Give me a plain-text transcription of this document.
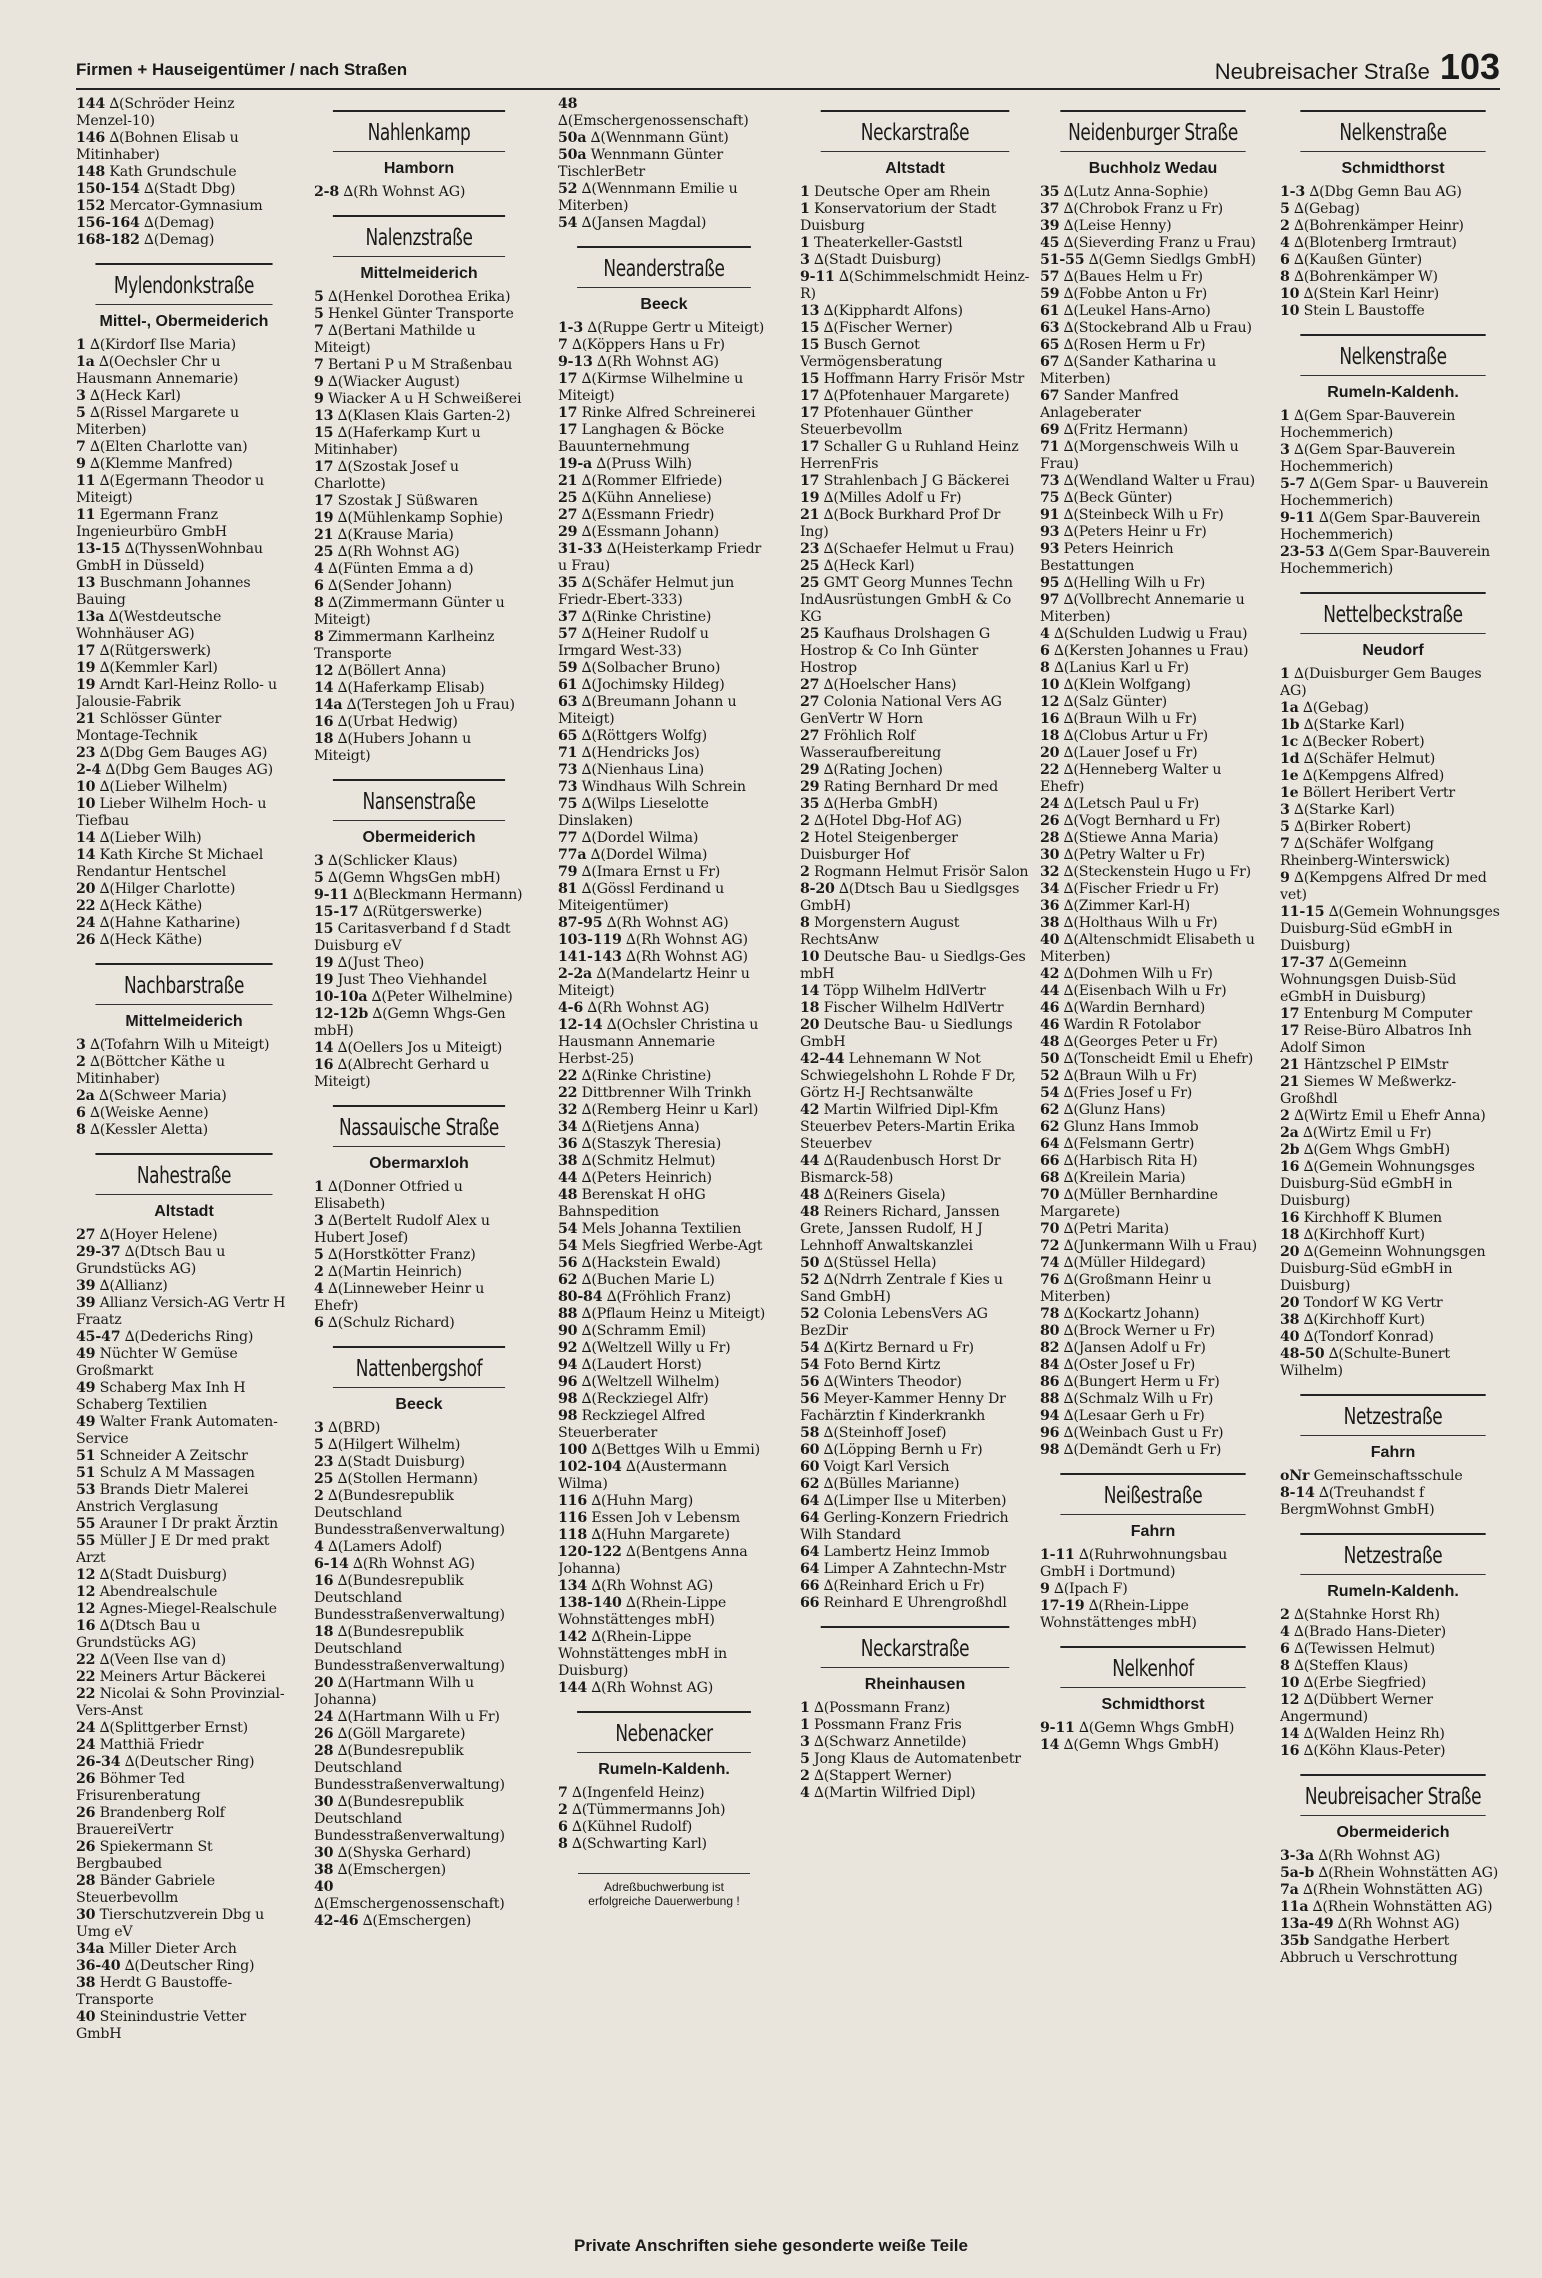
Firmen + Hauseigentümer / nach Straßen	Neubreisacher Straße 103
144 ∆(Schröder Heinz Menzel-10)
146 ∆(Bohnen Elisab u Mitinhaber)
148 Kath Grundschule
150-154 ∆(Stadt Dbg)
152 Mercator-Gymnasium
156-164 ∆(Demag)
168-182 ∆(Demag)
Mylendonkstraße
Mittel-, Obermeiderich
1 ∆(Kirdorf Ilse Maria)
1a ∆(Oechsler Chr u Hausmann Annemarie)
3 ∆(Heck Karl)
5 ∆(Rissel Margarete u Miterben)
7 ∆(Elten Charlotte van)
9 ∆(Klemme Manfred)
11 ∆(Egermann Theodor u Miteigt)
11 Egermann Franz Ingenieurbüro GmbH
13-15 ∆(ThyssenWohnbau GmbH in Düsseld)
13 Buschmann Johannes Bauing
13a ∆(Westdeutsche Wohnhäuser AG)
17 ∆(Rütgerswerk)
19 ∆(Kemmler Karl)
19 Arndt Karl-Heinz Rollo- u Jalousie-Fabrik
21 Schlösser Günter Montage-Technik
23 ∆(Dbg Gem Bauges AG)
2-4 ∆(Dbg Gem Bauges AG)
10 ∆(Lieber Wilhelm)
10 Lieber Wilhelm Hoch- u Tiefbau
14 ∆(Lieber Wilh)
14 Kath Kirche St Michael Rendantur Hentschel
20 ∆(Hilger Charlotte)
22 ∆(Heck Käthe)
24 ∆(Hahne Katharine)
26 ∆(Heck Käthe)
Nachbarstraße
Mittelmeiderich
3 ∆(Tofahrn Wilh u Miteigt)
2 ∆(Böttcher Käthe u Mitinhaber)
2a ∆(Schweer Maria)
6 ∆(Weiske Aenne)
8 ∆(Kessler Aletta)
Nahestraße
Altstadt
27 ∆(Hoyer Helene)
29-37 ∆(Dtsch Bau u Grundstücks AG)
39 ∆(Allianz)
39 Allianz Versich-AG Vertr H Fraatz
45-47 ∆(Dederichs Ring)
49 Nüchter W Gemüse Großmarkt
49 Schaberg Max Inh H Schaberg Textilien
49 Walter Frank Automaten-Service
51 Schneider A Zeitschr
51 Schulz A M Massagen
53 Brands Dietr Malerei Anstrich Verglasung
55 Arauner I Dr prakt Ärztin
55 Müller J E Dr med prakt Arzt
12 ∆(Stadt Duisburg)
12 Abendrealschule
12 Agnes-Miegel-Realschule
16 ∆(Dtsch Bau u Grundstücks AG)
22 ∆(Veen Ilse van d)
22 Meiners Artur Bäckerei
22 Nicolai & Sohn Provinzial-Vers-Anst
24 ∆(Splittgerber Ernst)
24 Matthiä Friedr
26-34 ∆(Deutscher Ring)
26 Böhmer Ted Frisurenberatung
26 Brandenberg Rolf BrauereiVertr
26 Spiekermann St Bergbaubed
28 Bänder Gabriele Steuerbevollm
30 Tierschutzverein Dbg u Umg eV
34a Miller Dieter Arch
36-40 ∆(Deutscher Ring)
38 Herdt G Baustoffe-Transporte
40 Steinindustrie Vetter GmbH
Nahlenkamp
Hamborn
2-8 ∆(Rh Wohnst AG)
Nalenzstraße
Mittelmeiderich
5 ∆(Henkel Dorothea Erika)
5 Henkel Günter Transporte
7 ∆(Bertani Mathilde u Miteigt)
7 Bertani P u M Straßenbau
9 ∆(Wiacker August)
9 Wiacker A u H Schweißerei
13 ∆(Klasen Klais Garten-2)
15 ∆(Haferkamp Kurt u Mitinhaber)
17 ∆(Szostak Josef u Charlotte)
17 Szostak J Süßwaren
19 ∆(Mühlenkamp Sophie)
21 ∆(Krause Maria)
25 ∆(Rh Wohnst AG)
4 ∆(Fünten Emma a d)
6 ∆(Sender Johann)
8 ∆(Zimmermann Günter u Miteigt)
8 Zimmermann Karlheinz Transporte
12 ∆(Böllert Anna)
14 ∆(Haferkamp Elisab)
14a ∆(Terstegen Joh u Frau)
16 ∆(Urbat Hedwig)
18 ∆(Hubers Johann u Miteigt)
Nansenstraße
Obermeiderich
3 ∆(Schlicker Klaus)
5 ∆(Gemn WhgsGen mbH)
9-11 ∆(Bleckmann Hermann)
15-17 ∆(Rütgerswerke)
15 Caritasverband f d Stadt Duisburg eV
19 ∆(Just Theo)
19 Just Theo Viehhandel
10-10a ∆(Peter Wilhelmine)
12-12b ∆(Gemn Whgs-Gen mbH)
14 ∆(Oellers Jos u Miteigt)
16 ∆(Albrecht Gerhard u Miteigt)
Nassauische Straße
Obermarxloh
1 ∆(Donner Otfried u Elisabeth)
3 ∆(Bertelt Rudolf Alex u Hubert Josef)
5 ∆(Horstkötter Franz)
2 ∆(Martin Heinrich)
4 ∆(Linneweber Heinr u Ehefr)
6 ∆(Schulz Richard)
Nattenbergshof
Beeck
3 ∆(BRD)
5 ∆(Hilgert Wilhelm)
23 ∆(Stadt Duisburg)
25 ∆(Stollen Hermann)
2 ∆(Bundesrepublik Deutschland Bundesstraßenverwaltung)
4 ∆(Lamers Adolf)
6-14 ∆(Rh Wohnst AG)
16 ∆(Bundesrepublik Deutschland Bundesstraßenverwaltung)
18 ∆(Bundesrepublik Deutschland Bundesstraßenverwaltung)
20 ∆(Hartmann Wilh u Johanna)
24 ∆(Hartmann Wilh u Fr)
26 ∆(Göll Margarete)
28 ∆(Bundesrepublik Deutschland Bundesstraßenverwaltung)
30 ∆(Bundesrepublik Deutschland Bundesstraßenverwaltung)
30 ∆(Shyska Gerhard)
38 ∆(Emschergen)
40 ∆(Emschergenossenschaft)
42-46 ∆(Emschergen)
48 ∆(Emschergenossenschaft)
50a ∆(Wennmann Günt)
50a Wennmann Günter TischlerBetr
52 ∆(Wennmann Emilie u Miterben)
54 ∆(Jansen Magdal)
Neanderstraße
Beeck
1-3 ∆(Ruppe Gertr u Miteigt)
7 ∆(Köppers Hans u Fr)
9-13 ∆(Rh Wohnst AG)
17 ∆(Kirmse Wilhelmine u Miteigt)
17 Rinke Alfred Schreinerei
17 Langhagen & Böcke Bauunternehmung
19-a ∆(Pruss Wilh)
21 ∆(Rommer Elfriede)
25 ∆(Kühn Anneliese)
27 ∆(Essmann Friedr)
29 ∆(Essmann Johann)
31-33 ∆(Heisterkamp Friedr u Frau)
35 ∆(Schäfer Helmut jun Friedr-Ebert-333)
37 ∆(Rinke Christine)
57 ∆(Heiner Rudolf u Irmgard West-33)
59 ∆(Solbacher Bruno)
61 ∆(Jochimsky Hildeg)
63 ∆(Breumann Johann u Miteigt)
65 ∆(Röttgers Wolfg)
71 ∆(Hendricks Jos)
73 ∆(Nienhaus Lina)
73 Windhaus Wilh Schrein
75 ∆(Wilps Lieselotte Dinslaken)
77 ∆(Dordel Wilma)
77a ∆(Dordel Wilma)
79 ∆(Imara Ernst u Fr)
81 ∆(Gössl Ferdinand u Miteigentümer)
87-95 ∆(Rh Wohnst AG)
103-119 ∆(Rh Wohnst AG)
141-143 ∆(Rh Wohnst AG)
2-2a ∆(Mandelartz Heinr u Miteigt)
4-6 ∆(Rh Wohnst AG)
12-14 ∆(Ochsler Christina u Hausmann Annemarie Herbst-25)
22 ∆(Rinke Christine)
22 Dittbrenner Wilh Trinkh
32 ∆(Remberg Heinr u Karl)
34 ∆(Rietjens Anna)
36 ∆(Staszyk Theresia)
38 ∆(Schmitz Helmut)
44 ∆(Peters Heinrich)
48 Berenskat H oHG Bahnspedition
54 Mels Johanna Textilien
54 Mels Siegfried Werbe-Agt
56 ∆(Hackstein Ewald)
62 ∆(Buchen Marie L)
80-84 ∆(Fröhlich Franz)
88 ∆(Pflaum Heinz u Miteigt)
90 ∆(Schramm Emil)
92 ∆(Weltzell Willy u Fr)
94 ∆(Laudert Horst)
96 ∆(Weltzell Wilhelm)
98 ∆(Reckziegel Alfr)
98 Reckziegel Alfred Steuerberater
100 ∆(Bettges Wilh u Emmi)
102-104 ∆(Austermann Wilma)
116 ∆(Huhn Marg)
116 Essen Joh v Lebensm
118 ∆(Huhn Margarete)
120-122 ∆(Bentgens Anna Johanna)
134 ∆(Rh Wohnst AG)
138-140 ∆(Rhein-Lippe Wohnstättenges mbH)
142 ∆(Rhein-Lippe Wohnstättenges mbH in Duisburg)
144 ∆(Rh Wohnst AG)
Nebenacker
Rumeln-Kaldenh.
7 ∆(Ingenfeld Heinz)
2 ∆(Tümmermanns Joh)
6 ∆(Kühnel Rudolf)
8 ∆(Schwarting Karl)
Adreßbuchwerbung ist erfolgreiche Dauerwerbung !
Neckarstraße
Altstadt
1 Deutsche Oper am Rhein
1 Konservatorium der Stadt Duisburg
1 Theaterkeller-Gaststl
3 ∆(Stadt Duisburg)
9-11 ∆(Schimmelschmidt Heinz-R)
13 ∆(Kipphardt Alfons)
15 ∆(Fischer Werner)
15 Busch Gernot Vermögensberatung
15 Hoffmann Harry Frisör Mstr
17 ∆(Pfotenhauer Margarete)
17 Pfotenhauer Günther Steuerbevollm
17 Schaller G u Ruhland Heinz HerrenFris
17 Strahlenbach J G Bäckerei
19 ∆(Milles Adolf u Fr)
21 ∆(Bock Burkhard Prof Dr Ing)
23 ∆(Schaefer Helmut u Frau)
25 ∆(Heck Karl)
25 GMT Georg Munnes Techn IndAusrüstungen GmbH & Co KG
25 Kaufhaus Drolshagen G Hostrop & Co Inh Günter Hostrop
27 ∆(Hoelscher Hans)
27 Colonia National Vers AG GenVertr W Horn
27 Fröhlich Rolf Wasseraufbereitung
29 ∆(Rating Jochen)
29 Rating Bernhard Dr med
35 ∆(Herba GmbH)
2 ∆(Hotel Dbg-Hof AG)
2 Hotel Steigenberger Duisburger Hof
2 Rogmann Helmut Frisör Salon
8-20 ∆(Dtsch Bau u Siedlgsges GmbH)
8 Morgenstern August RechtsAnw
10 Deutsche Bau- u Siedlgs-Ges mbH
14 Töpp Wilhelm HdlVertr
18 Fischer Wilhelm HdlVertr
20 Deutsche Bau- u Siedlungs GmbH
42-44 Lehnemann W Not Schwiegelshohn L Rohde F Dr, Görtz H-J Rechtsanwälte
42 Martin Wilfried Dipl-Kfm Steuerbev Peters-Martin Erika Steuerbev
44 ∆(Raudenbusch Horst Dr Bismarck-58)
48 ∆(Reiners Gisela)
48 Reiners Richard, Janssen Grete, Janssen Rudolf, H J Lehnhoff Anwaltskanzlei
50 ∆(Stüssel Hella)
52 ∆(Ndrrh Zentrale f Kies u Sand GmbH)
52 Colonia LebensVers AG BezDir
54 ∆(Kirtz Bernard u Fr)
54 Foto Bernd Kirtz
56 ∆(Winters Theodor)
56 Meyer-Kammer Henny Dr Fachärztin f Kinderkrankh
58 ∆(Steinhoff Josef)
60 ∆(Löpping Bernh u Fr)
60 Voigt Karl Versich
62 ∆(Bülles Marianne)
64 ∆(Limper Ilse u Miterben)
64 Gerling-Konzern Friedrich Wilh Standard
64 Lambertz Heinz Immob
64 Limper A Zahntechn-Mstr
66 ∆(Reinhard Erich u Fr)
66 Reinhard E Uhrengroßhdl
Neckarstraße
Rheinhausen
1 ∆(Possmann Franz)
1 Possmann Franz Fris
3 ∆(Schwarz Annetilde)
5 Jong Klaus de Automatenbetr
2 ∆(Stappert Werner)
4 ∆(Martin Wilfried Dipl)
Neidenburger Straße
Buchholz Wedau
35 ∆(Lutz Anna-Sophie)
37 ∆(Chrobok Franz u Fr)
39 ∆(Leise Henny)
45 ∆(Sieverding Franz u Frau)
51-55 ∆(Gemn Siedlgs GmbH)
57 ∆(Baues Helm u Fr)
59 ∆(Fobbe Anton u Fr)
61 ∆(Leukel Hans-Arno)
63 ∆(Stockebrand Alb u Frau)
65 ∆(Rosen Herm u Fr)
67 ∆(Sander Katharina u Miterben)
67 Sander Manfred Anlageberater
69 ∆(Fritz Hermann)
71 ∆(Morgenschweis Wilh u Frau)
73 ∆(Wendland Walter u Frau)
75 ∆(Beck Günter)
91 ∆(Steinbeck Wilh u Fr)
93 ∆(Peters Heinr u Fr)
93 Peters Heinrich Bestattungen
95 ∆(Helling Wilh u Fr)
97 ∆(Vollbrecht Annemarie u Miterben)
4 ∆(Schulden Ludwig u Frau)
6 ∆(Kersten Johannes u Frau)
8 ∆(Lanius Karl u Fr)
10 ∆(Klein Wolfgang)
12 ∆(Salz Günter)
16 ∆(Braun Wilh u Fr)
18 ∆(Clobus Artur u Fr)
20 ∆(Lauer Josef u Fr)
22 ∆(Henneberg Walter u Ehefr)
24 ∆(Letsch Paul u Fr)
26 ∆(Vogt Bernhard u Fr)
28 ∆(Stiewe Anna Maria)
30 ∆(Petry Walter u Fr)
32 ∆(Steckenstein Hugo u Fr)
34 ∆(Fischer Friedr u Fr)
36 ∆(Zimmer Karl-H)
38 ∆(Holthaus Wilh u Fr)
40 ∆(Altenschmidt Elisabeth u Miterben)
42 ∆(Dohmen Wilh u Fr)
44 ∆(Eisenbach Wilh u Fr)
46 ∆(Wardin Bernhard)
46 Wardin R Fotolabor
48 ∆(Georges Peter u Fr)
50 ∆(Tonscheidt Emil u Ehefr)
52 ∆(Braun Wilh u Fr)
54 ∆(Fries Josef u Fr)
62 ∆(Glunz Hans)
62 Glunz Hans Immob
64 ∆(Felsmann Gertr)
66 ∆(Harbisch Rita H)
68 ∆(Kreilein Maria)
70 ∆(Müller Bernhardine Margarete)
70 ∆(Petri Marita)
72 ∆(Junkermann Wilh u Frau)
74 ∆(Müller Hildegard)
76 ∆(Großmann Heinr u Miterben)
78 ∆(Kockartz Johann)
80 ∆(Brock Werner u Fr)
82 ∆(Jansen Adolf u Fr)
84 ∆(Oster Josef u Fr)
86 ∆(Bungert Herm u Fr)
88 ∆(Schmalz Wilh u Fr)
94 ∆(Lesaar Gerh u Fr)
96 ∆(Weinbach Gust u Fr)
98 ∆(Demändt Gerh u Fr)
Neißestraße
Fahrn
1-11 ∆(Ruhrwohnungsbau GmbH i Dortmund)
9 ∆(Ipach F)
17-19 ∆(Rhein-Lippe Wohnstättenges mbH)
Nelkenhof
Schmidthorst
9-11 ∆(Gemn Whgs GmbH)
14 ∆(Gemn Whgs GmbH)
Nelkenstraße
Schmidthorst
1-3 ∆(Dbg Gemn Bau AG)
5 ∆(Gebag)
2 ∆(Bohrenkämper Heinr)
4 ∆(Blotenberg Irmtraut)
6 ∆(Kaußen Günter)
8 ∆(Bohrenkämper W)
10 ∆(Stein Karl Heinr)
10 Stein L Baustoffe
Nelkenstraße
Rumeln-Kaldenh.
1 ∆(Gem Spar-Bauverein Hochemmerich)
3 ∆(Gem Spar-Bauverein Hochemmerich)
5-7 ∆(Gem Spar- u Bauverein Hochemmerich)
9-11 ∆(Gem Spar-Bauverein Hochemmerich)
23-53 ∆(Gem Spar-Bauverein Hochemmerich)
Nettelbeckstraße
Neudorf
1 ∆(Duisburger Gem Bauges AG)
1a ∆(Gebag)
1b ∆(Starke Karl)
1c ∆(Becker Robert)
1d ∆(Schäfer Helmut)
1e ∆(Kempgens Alfred)
1e Böllert Heribert Vertr
3 ∆(Starke Karl)
5 ∆(Birker Robert)
7 ∆(Schäfer Wolfgang Rheinberg-Winterswick)
9 ∆(Kempgens Alfred Dr med vet)
11-15 ∆(Gemein Wohnungsges Duisburg-Süd eGmbH in Duisburg)
17-37 ∆(Gemeinn Wohnungsgen Duisb-Süd eGmbH in Duisburg)
17 Entenburg M Computer
17 Reise-Büro Albatros Inh Adolf Simon
21 Häntzschel P ElMstr
21 Siemes W Meßwerkz-Großhdl
2 ∆(Wirtz Emil u Ehefr Anna)
2a ∆(Wirtz Emil u Fr)
2b ∆(Gem Whgs GmbH)
16 ∆(Gemein Wohnungsges Duisburg-Süd eGmbH in Duisburg)
16 Kirchhoff K Blumen
18 ∆(Kirchhoff Kurt)
20 ∆(Gemeinn Wohnungsgen Duisburg-Süd eGmbH in Duisburg)
20 Tondorf W KG Vertr
38 ∆(Kirchhoff Kurt)
40 ∆(Tondorf Konrad)
48-50 ∆(Schulte-Bunert Wilhelm)
Netzestraße
Fahrn
oNr Gemeinschaftsschule
8-14 ∆(Treuhandst f BergmWohnst GmbH)
Netzestraße
Rumeln-Kaldenh.
2 ∆(Stahnke Horst Rh)
4 ∆(Brado Hans-Dieter)
6 ∆(Tewissen Helmut)
8 ∆(Steffen Klaus)
10 ∆(Erbe Siegfried)
12 ∆(Dübbert Werner Angermund)
14 ∆(Walden Heinz Rh)
16 ∆(Köhn Klaus-Peter)
Neubreisacher Straße
Obermeiderich
3-3a ∆(Rh Wohnst AG)
5a-b ∆(Rhein Wohnstätten AG)
7a ∆(Rhein Wohnstätten AG)
11a ∆(Rhein Wohnstätten AG)
13a-49 ∆(Rh Wohnst AG)
35b Sandgathe Herbert Abbruch u Verschrottung
Private Anschriften siehe gesonderte weiße Teile
